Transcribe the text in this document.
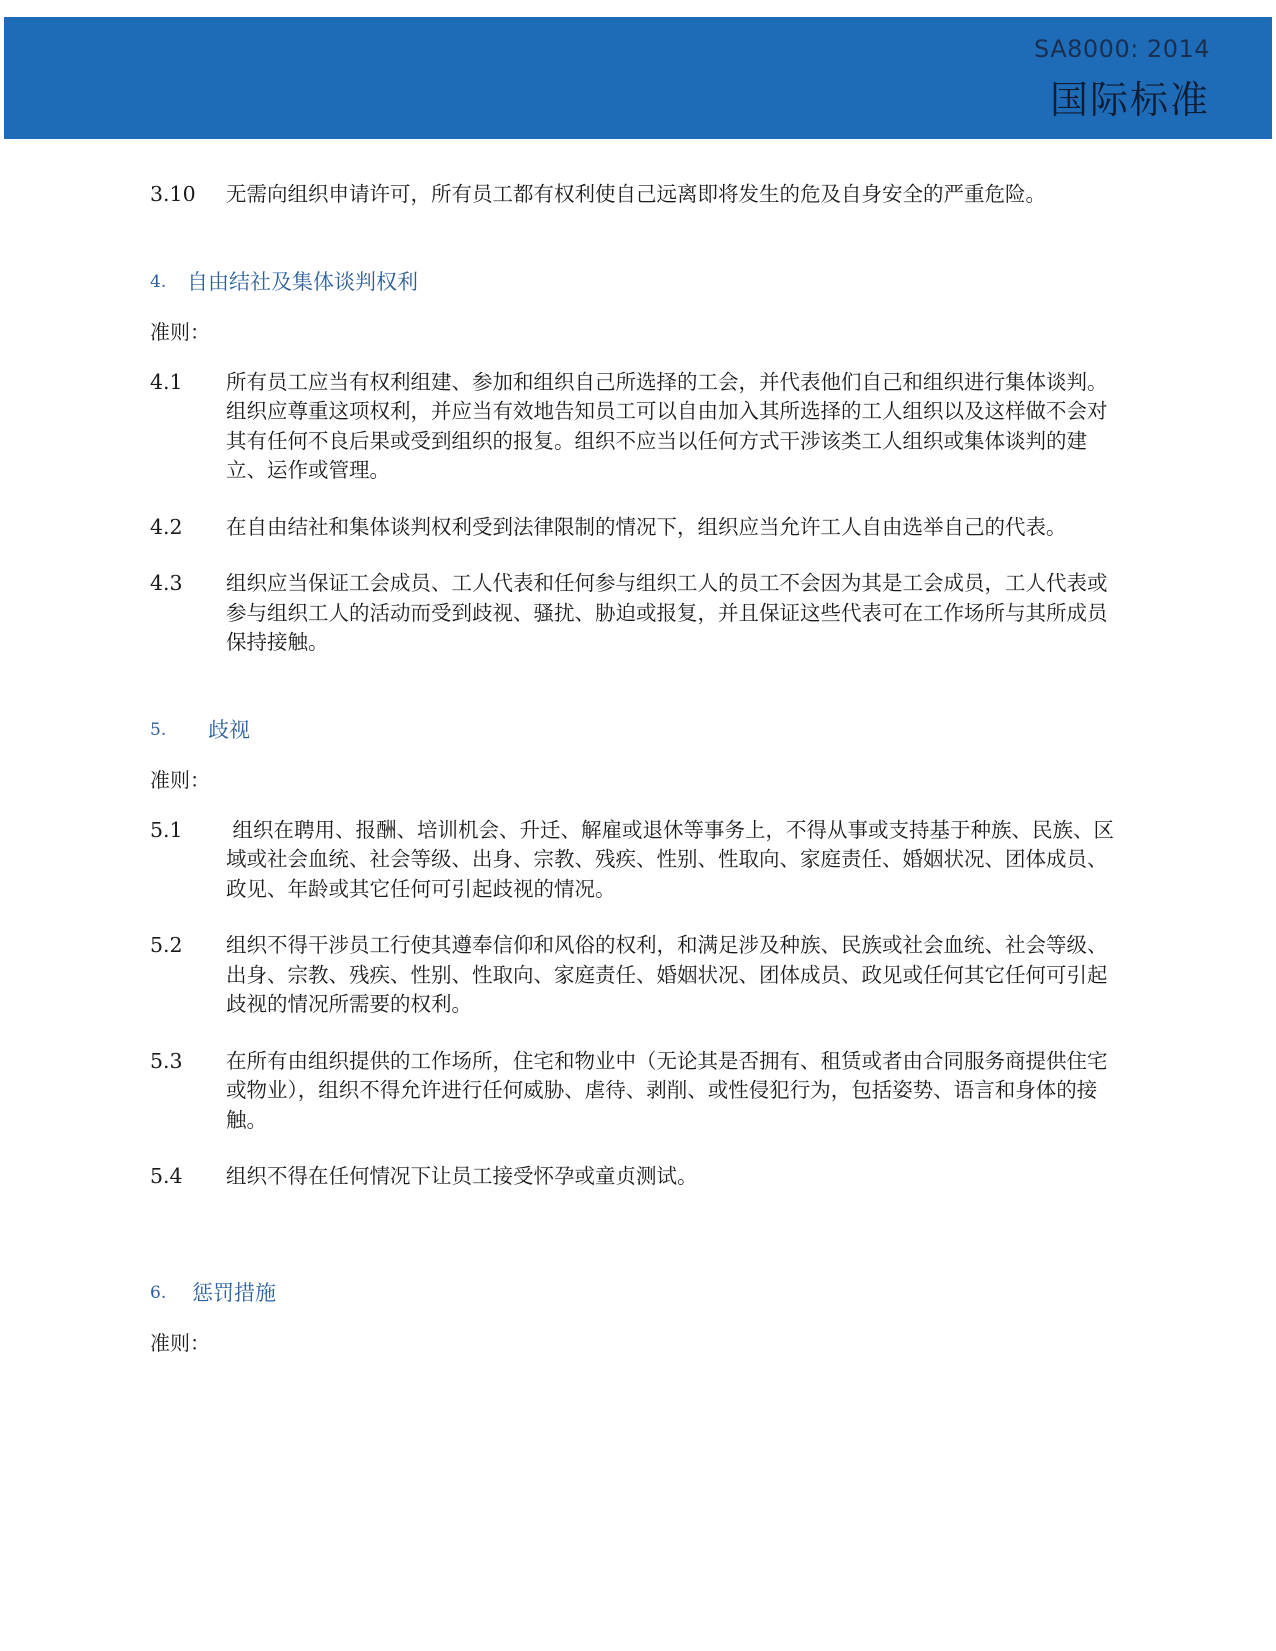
SA8000: 2014
国际标准
3.10	无需向组织申请许可，所有员工都有权利使自己远离即将发生的危及自身安全的严重危险。
4. 自由结社及集体谈判权利
准则：
4.1	所有员工应当有权利组建、参加和组织自己所选择的工会，并代表他们自己和组织进行集体谈判。组织应尊重这项权利，并应当有效地告知员工可以自由加入其所选择的工人组织以及这样做不会对其有任何不良后果或受到组织的报复。组织不应当以任何方式干涉该类工人组织或集体谈判的建立、运作或管理。
4.2	在自由结社和集体谈判权利受到法律限制的情况下，组织应当允许工人自由选举自己的代表。
4.3	组织应当保证工会成员、工人代表和任何参与组织工人的员工不会因为其是工会成员，工人代表或参与组织工人的活动而受到歧视、骚扰、胁迫或报复，并且保证这些代表可在工作场所与其所成员保持接触。
5.	歧视
准则：
5.1	组织在聘用、报酬、培训机会、升迁、解雇或退休等事务上，不得从事或支持基于种族、民族、区域或社会血统、社会等级、出身、宗教、残疾、性别、性取向、家庭责任、婚姻状况、团体成员、政见、年龄或其它任何可引起歧视的情况。
5.2	组织不得干涉员工行使其遵奉信仰和风俗的权利，和满足涉及种族、民族或社会血统、社会等级、出身、宗教、残疾、性别、性取向、家庭责任、婚姻状况、团体成员、政见或任何其它任何可引起歧视的情况所需要的权利。
5.3	在所有由组织提供的工作场所，住宅和物业中（无论其是否拥有、租赁或者由合同服务商提供住宅或物业），组织不得允许进行任何威胁、虐待、剥削、或性侵犯行为，包括姿势、语言和身体的接触。
5.4	组织不得在任何情况下让员工接受怀孕或童贞测试。
6.	惩罚措施
准则：
